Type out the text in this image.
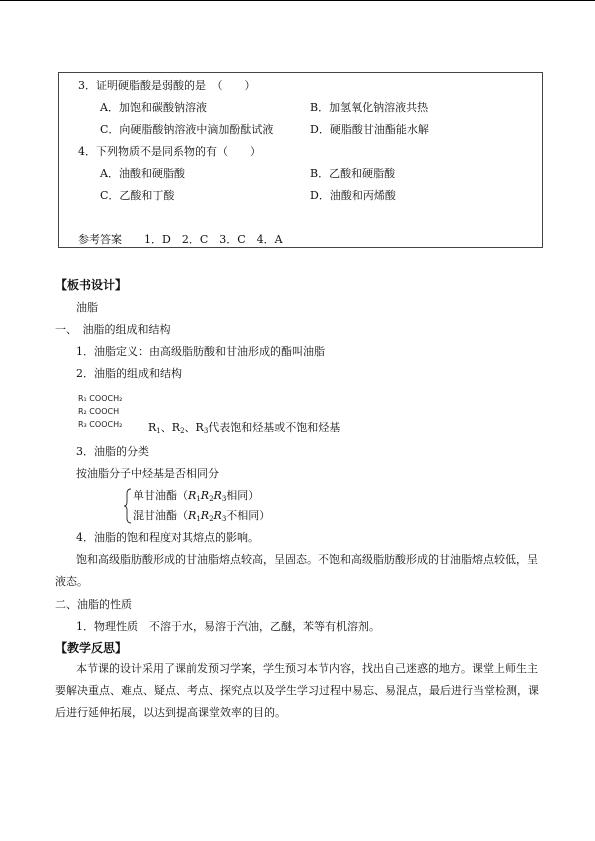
3．证明硬脂酸是弱酸的是　（　　）
A．加饱和碳酸钠溶液	B．加氢氧化钠溶液共热
C．向硬脂酸钠溶液中滴加酚酞试液	D．硬脂酸甘油酯能水解
4．下列物质不是同系物的有（　　）
A．油酸和硬脂酸	B．乙酸和硬脂酸
C．乙酸和丁酸	D．油酸和丙烯酸
参考答案　　1．D　2．C　3．C　4．A
【板书设计】
油脂
一、　油脂的组成和结构
1．油脂定义：由高级脂肪酸和甘油形成的酯叫油脂
2．油脂的组成和结构
R₁ COOCH₂
R₂ COOCH
R₃ COOCH₂ $R_1$、$R_2$、$R_3$代表饱和烃基或不饱和烃基
3．油脂的分类
按油脂分子中烃基是否相同分
单甘油酯（$R_1R_2R_3$相同）
混甘油酯（$R_1R_2R_3$不相同）
4．油脂的饱和程度对其熔点的影响。
饱和高级脂肪酸形成的甘油脂熔点较高，呈固态。不饱和高级脂肪酸形成的甘油脂熔点较低，呈液态。
二、油脂的性质
1．物理性质 不溶于水，易溶于汽油，乙醚，苯等有机溶剂。
【教学反思】
本节课的设计采用了课前发预习学案，学生预习本节内容，找出自己迷惑的地方。课堂上师生主要解决重点、难点、疑点、考点、探究点以及学生学习过程中易忘、易混点，最后进行当堂检测，课后进行延伸拓展，以达到提高课堂效率的目的。
